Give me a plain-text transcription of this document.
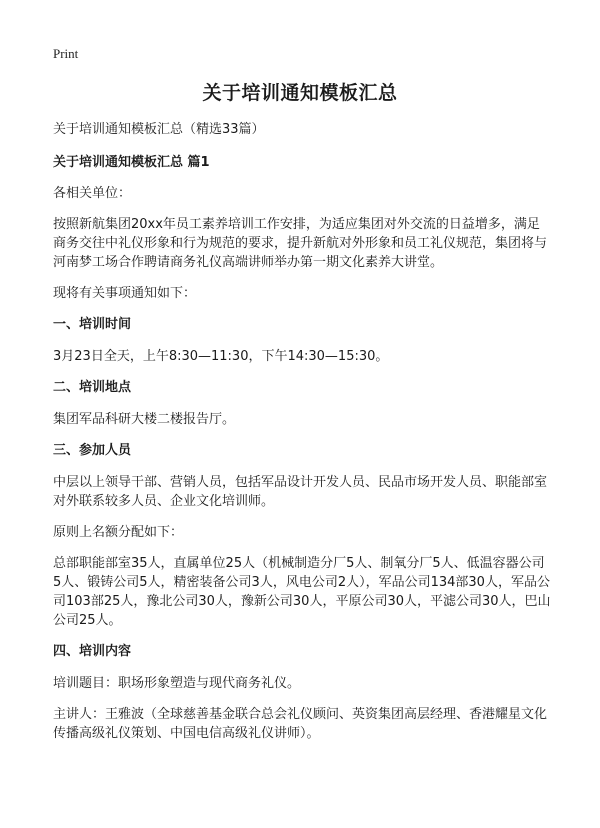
Print
关于培训通知模板汇总

关于培训通知模板汇总（精选33篇）

关于培训通知模板汇总 篇1

各相关单位：

按照新航集团20xx年员工素养培训工作安排，为适应集团对外交流的日益增多，满足商务交往中礼仪形象和行为规范的要求，提升新航对外形象和员工礼仪规范，集团将与河南梦工场合作聘请商务礼仪高端讲师举办第一期文化素养大讲堂。

现将有关事项通知如下：

一、培训时间

3月23日全天，上午8:30—11:30，下午14:30—15:30。

二、培训地点

集团军品科研大楼二楼报告厅。

三、参加人员

中层以上领导干部、营销人员，包括军品设计开发人员、民品市场开发人员、职能部室对外联系较多人员、企业文化培训师。

原则上名额分配如下：

总部职能部室35人，直属单位25人（机械制造分厂5人、制氧分厂5人、低温容器公司5人、锻铸公司5人，精密装备公司3人，风电公司2人），军品公司134部30人，军品公司103部25人，豫北公司30人，豫新公司30人，平原公司30人，平滤公司30人，巴山公司25人。

四、培训内容

培训题目：职场形象塑造与现代商务礼仪。

主讲人：王雅波（全球慈善基金联合总会礼仪顾问、英资集团高层经理、香港耀星文化传播高级礼仪策划、中国电信高级礼仪讲师）。
